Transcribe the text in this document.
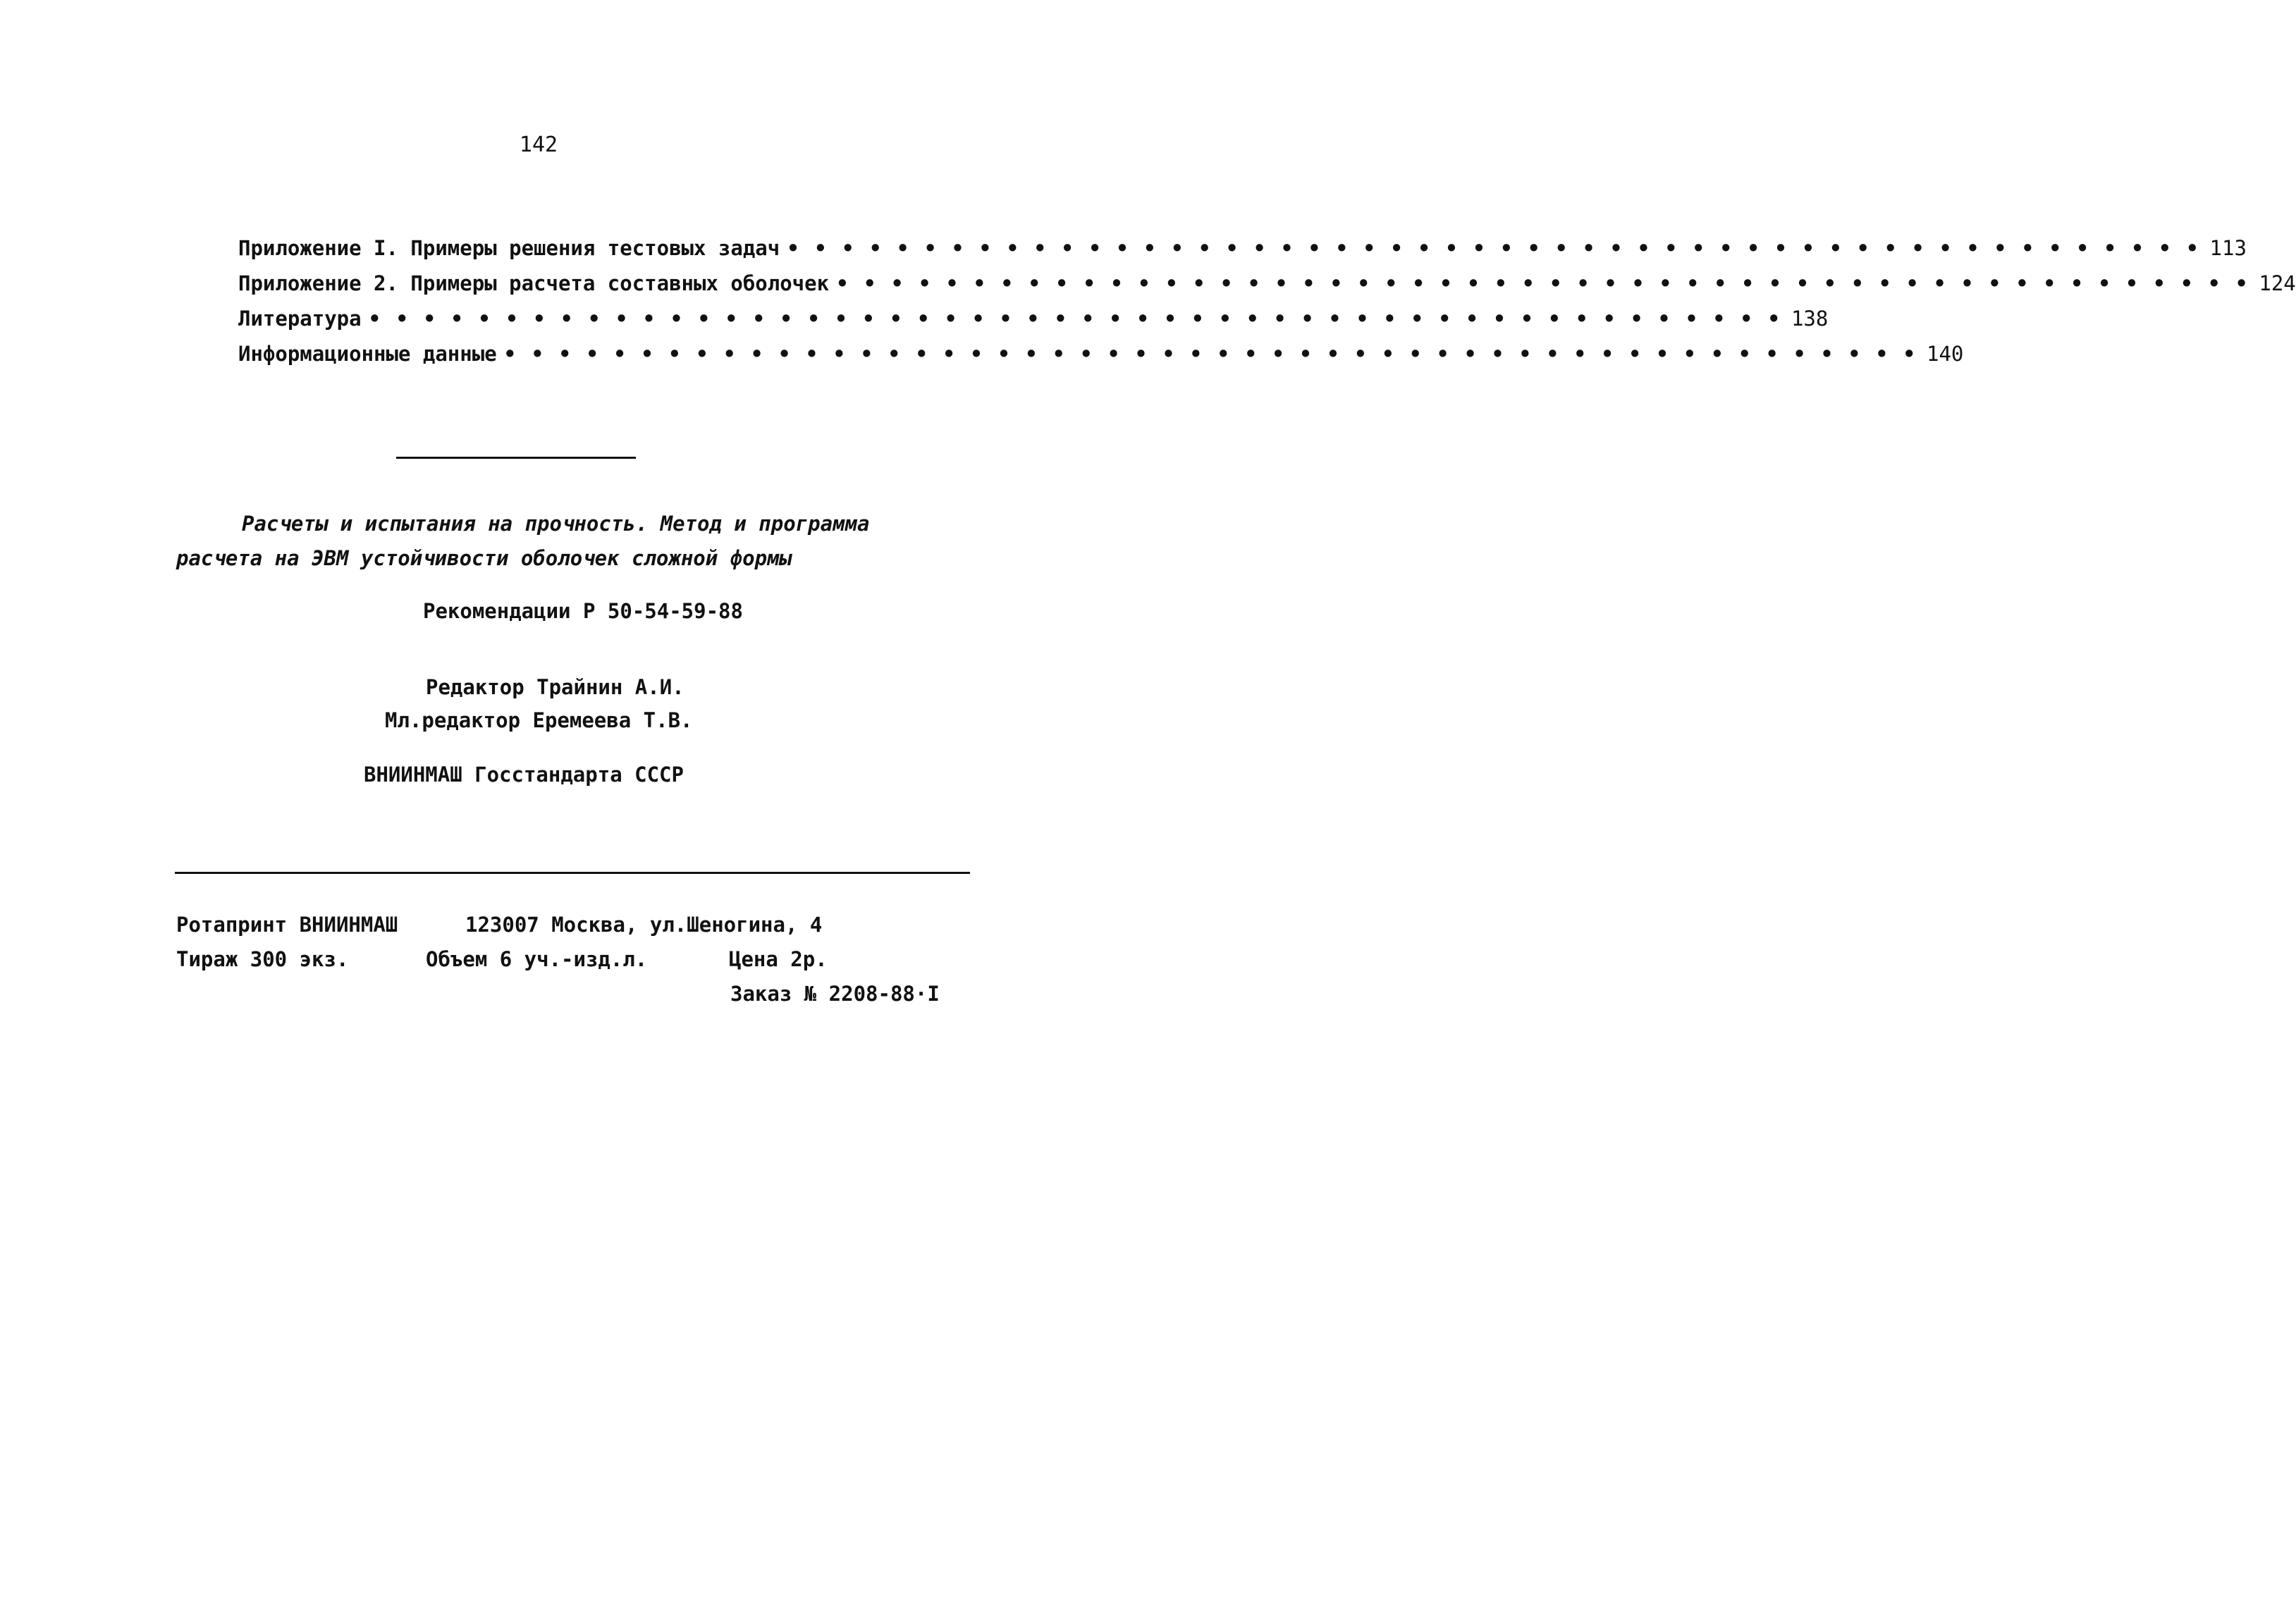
142
Приложение I. Примеры решения тестовых задач • • • • • • • • • • • • • • • • • • • • • • • • • • • • • • • • • • • • • • • • • • • • • • • • • • • • 113
Приложение 2. Примеры расчета составных оболочек • • • • • • • • • • • • • • • • • • • • • • • • • • • • • • • • • • • • • • • • • • • • • • • • • • • • 124
Литература • • • • • • • • • • • • • • • • • • • • • • • • • • • • • • • • • • • • • • • • • • • • • • • • • • • • 138
Информационные данные • • • • • • • • • • • • • • • • • • • • • • • • • • • • • • • • • • • • • • • • • • • • • • • • • • • • 140
Расчеты и испытания на прочность. Метод и программа
расчета на ЭВМ устойчивости оболочек сложной формы
Рекомендации Р 50-54-59-88
Редактор Трайнин А.И.
Мл.редактор Еремеева Т.В.
ВНИИНМАШ Госстандарта СССР
Ротапринт ВНИИНМАШ	123007 Москва, ул.Шеногина, 4
Тираж 300 экз.	Объем 6 уч.-изд.л.	Цена 2р.
Заказ № 2208-88·I
